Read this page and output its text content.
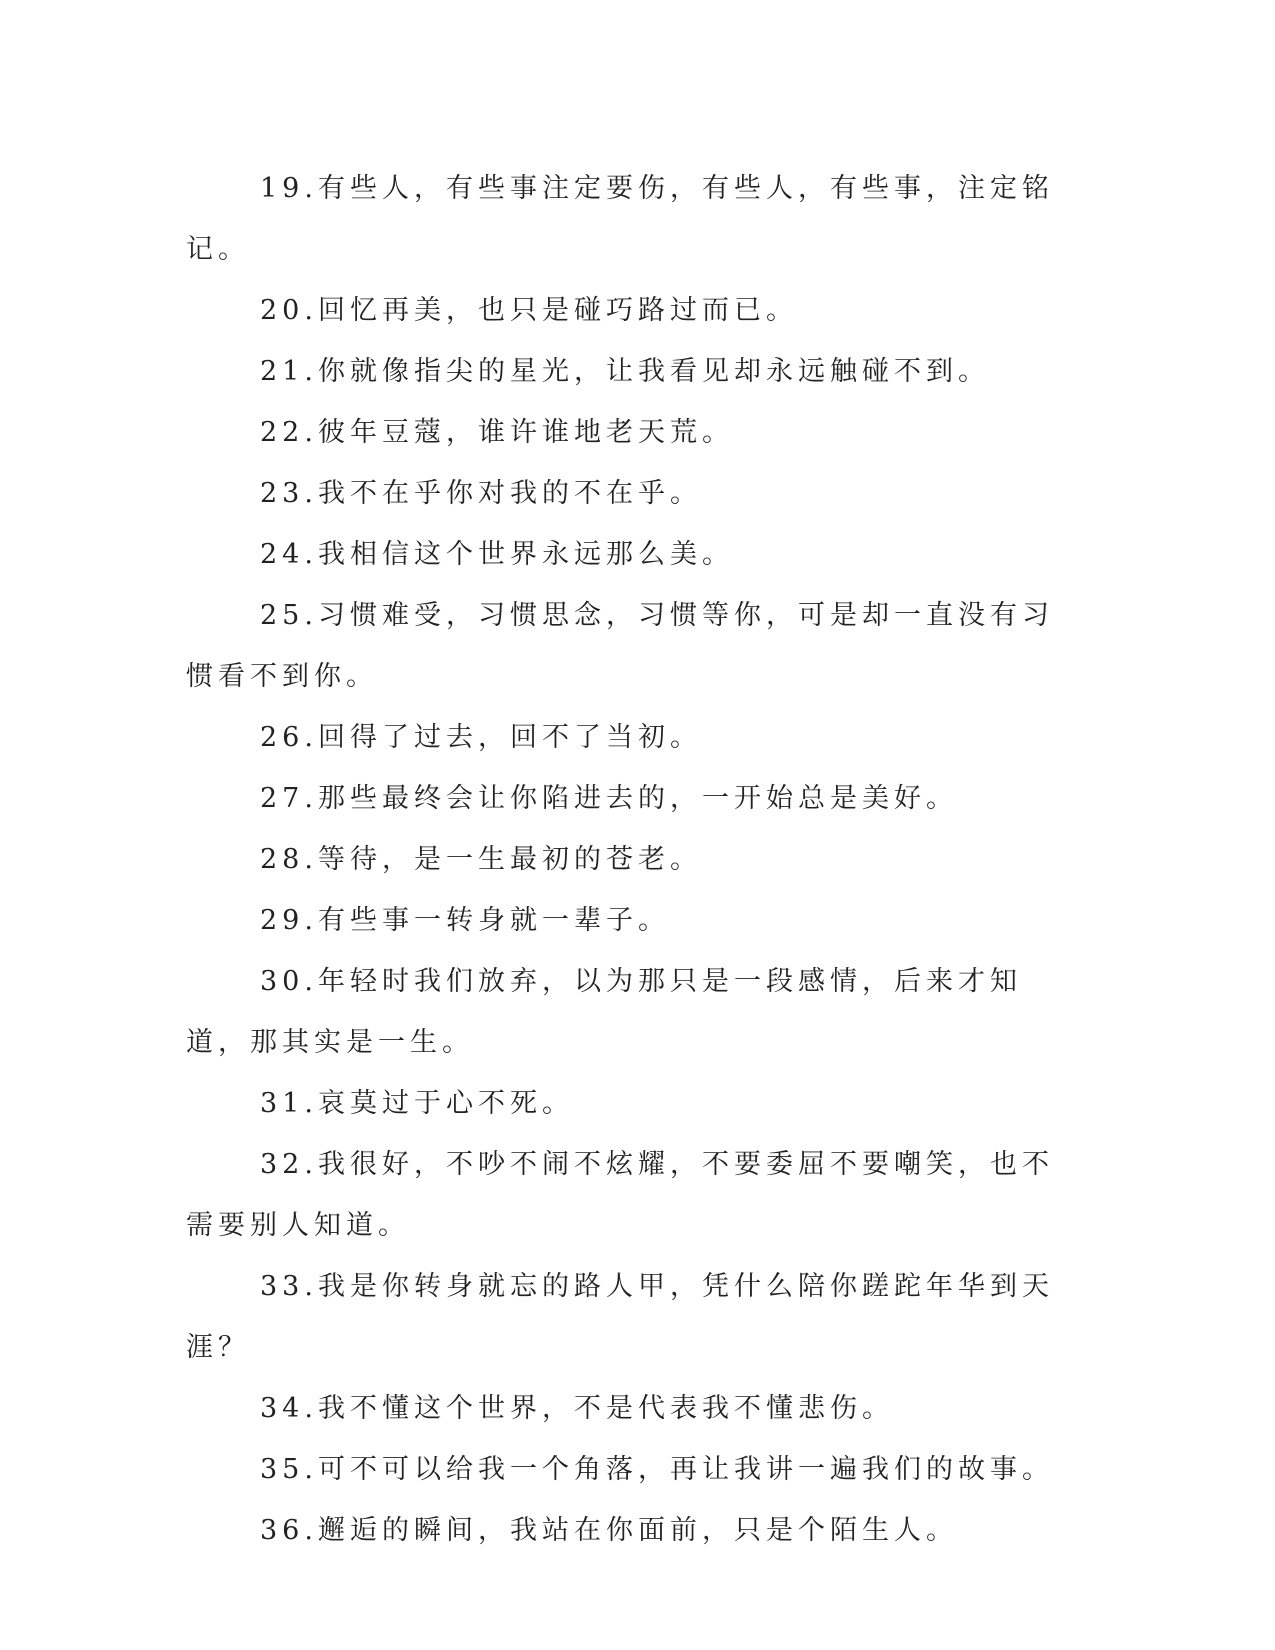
19.有些人，有些事注定要伤，有些人，有些事，注定铭记。

20.回忆再美，也只是碰巧路过而已。

21.你就像指尖的星光，让我看见却永远触碰不到。

22.彼年豆蔻，谁许谁地老天荒。

23.我不在乎你对我的不在乎。

24.我相信这个世界永远那么美。

25.习惯难受，习惯思念，习惯等你，可是却一直没有习惯看不到你。

26.回得了过去，回不了当初。

27.那些最终会让你陷进去的，一开始总是美好。

28.等待，是一生最初的苍老。

29.有些事一转身就一辈子。

30.年轻时我们放弃，以为那只是一段感情，后来才知道，那其实是一生。

31.哀莫过于心不死。

32.我很好，不吵不闹不炫耀，不要委屈不要嘲笑，也不需要别人知道。

33.我是你转身就忘的路人甲，凭什么陪你蹉跎年华到天涯？

34.我不懂这个世界，不是代表我不懂悲伤。

35.可不可以给我一个角落，再让我讲一遍我们的故事。

36.邂逅的瞬间，我站在你面前，只是个陌生人。
